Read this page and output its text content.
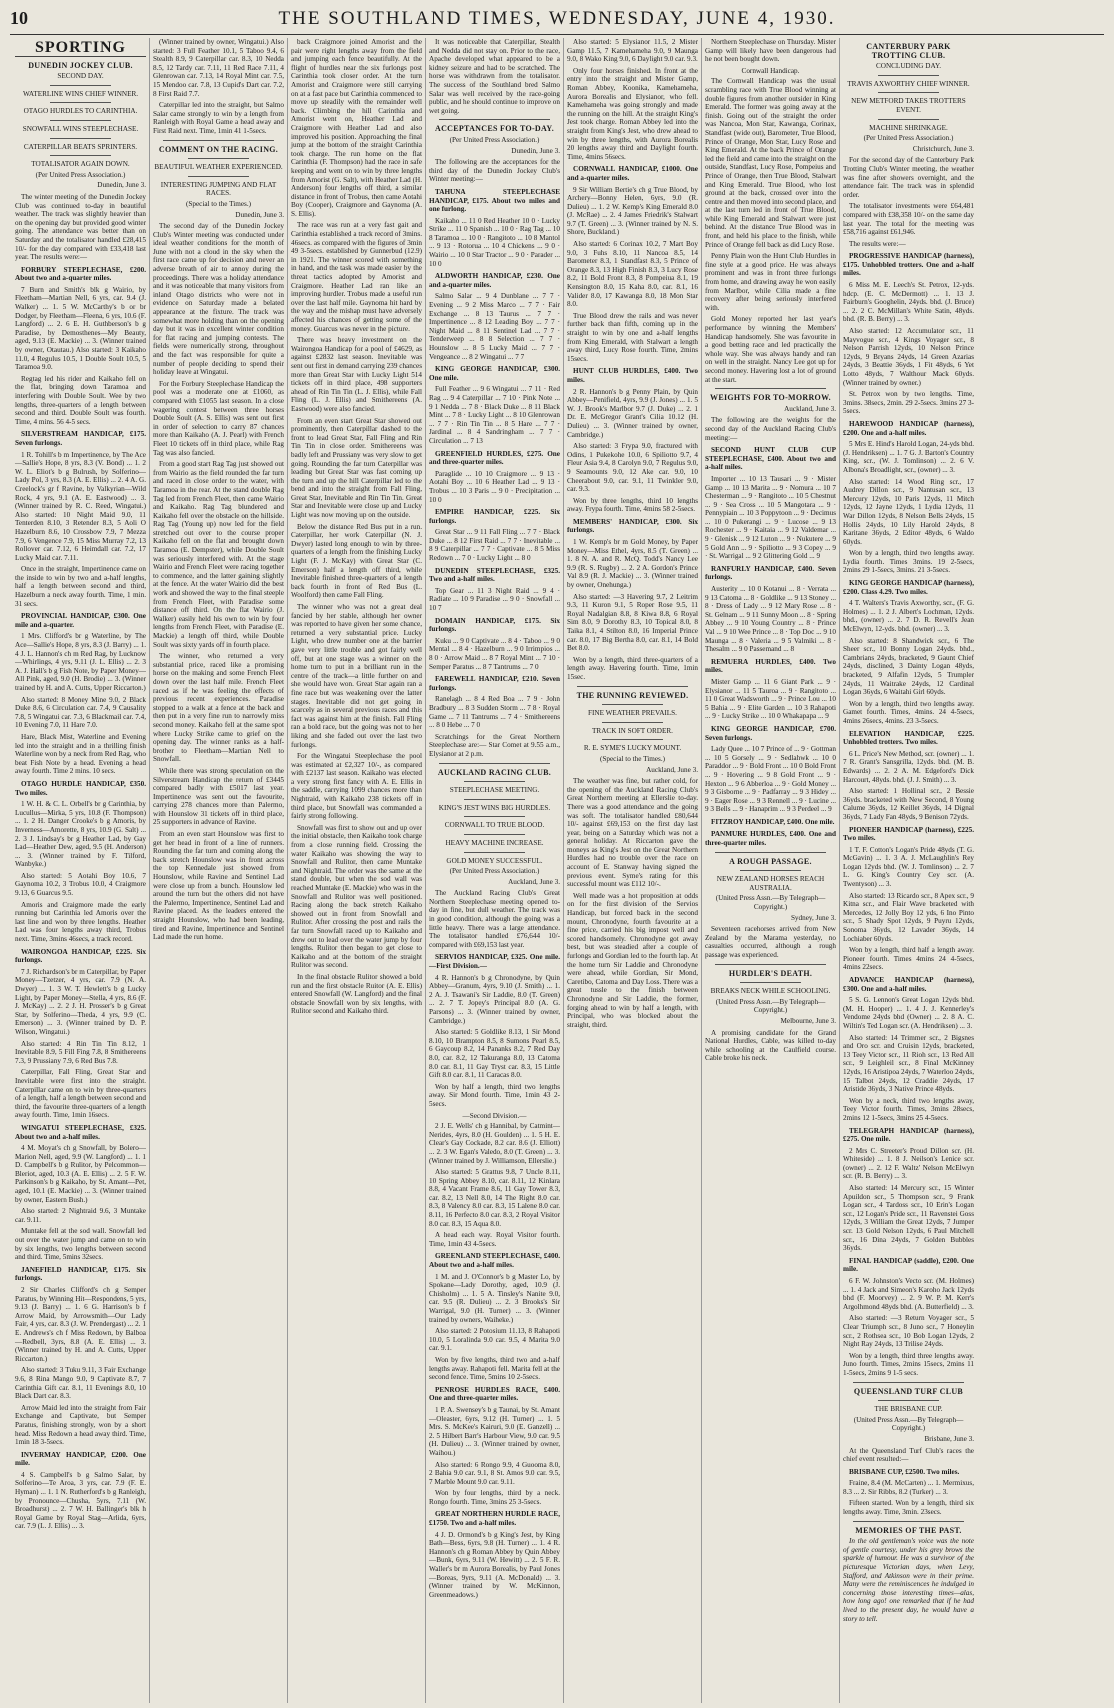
10	THE SOUTHLAND TIMES, WEDNESDAY, JUNE 4, 1930.
SPORTING
DUNEDIN JOCKEY CLUB.
SECOND DAY.
WATERLINE WINS CHIEF WINNER.
OTAGO HURDLES TO CARINTHIA.
SNOWFALL WINS STEEPLECHASE.
CATERPILLAR BEATS SPRINTERS.
TOTALISATOR AGAIN DOWN.
(Per United Press Association.)

Dunedin, June 3.

The winter meeting of the Dunedin Jockey Club was continued to-day in beautiful weather. The track was slightly heavier than on the opening day but provided good winter going. The attendance was better than on Saturday and the totalisator handled £28,415 10/- for the day compared with £33,418 last year. The results were:—

FORBURY STEEPLECHASE, £200. About two and a-quarter miles.

7 Burn and Smith's blk g Wairio, by Fleetham—Martian Nell, 6 yrs, car. 9.4 (J. Walker) ... 1. 5 W. McCarthy's b or br Dodger, by Fleetham—Fleena, 6 yrs, 10.6 (F. Langford) ... 2. 6 E. H. Guthberson's b g Paradise, by Demosthenes—My Beauty, aged, 9.13 (E. Mackie) ... 3. (Winner trained by owner, Otautau.) Also started: 3 Kaikaho 11.0, 4 Regulus 10.5, 1 Double Soult 10.5, 5 Taramoa 9.0.

Regtag led his rider and Kaikaho fell on the flat, bringing down Taramoa and interfering with Double Soult. Wee by two lengths, three-quarters of a length between second and third. Double Soult was fourth. Time, 4 mins. 56 4-5 secs.

SILVERSTREAM HANDICAP, £175. Seven furlongs.

1 R. Tohill's b m Impertinence, by The Ace—Sallie's Hope, 8 yrs, 8.3 (V. Bond) ... 1. 2 W. L. Eliot's b g Bulrush, by Solferino—Lady Pol, 3 yrs, 8.3 (A. E. Ellis) ... 2. 4 A. G. Creelock's gr f Ravine, by Valkyrian—Wild Rock, 4 yrs, 9.1 (A. E. Eastwood) ... 3. (Winner trained by R. C. Reed, Wingatui.) Also started: 10 Night Maid 9.0, 11 Tenterden 8.10, 3 Retender 8.3, 5 Aoli O Hazelburn 8.6, 10 Crossbow 7.9, 7 Mezza 7.9, 6 Vengence 7.9, 15 Miss Murray 7.2, 13 Rollover car. 7.12, 6 Heimdall car. 7.2, 17 Lucky Maid car. 7.11.

Once in the straight, Impertinence came on the inside to win by two and a-half lengths, half a length between second and third, Hazelburn a neck away fourth. Time, 1 min. 31 secs.

PROVINCIAL HANDICAP, £300. One mile and a-quarter.

1 Mrs. Clifford's br g Waterline, by The Ace—Sallie's Hope, 8 yrs, 8.3 (J. Barry) ... 1. 4 J. L. Hannon's ch m Red Rag, by Lucknow—Whirlings, 4 yrs, 9.11 (J. L. Ellis) ... 2. 3 A. J. Hall's b g Fish Note, by Paper Money—All Pink, aged, 9.0 (H. Brodie) ... 3. (Winner trained by H. and A. Cutts, Upper Riccarton.)

Also started: 8 Money Mine 9.0, 2 Black Duke 8.6, 6 Circulation car. 7.4, 9 Causality 7.8, 5 Wingatui car. 7.3, 6 Blackmail car. 7.4, 10 Evening 7.0, 11 Hare 7.0.

Hare, Black Mist, Waterline and Evening led into the straight and in a thrilling finish Waterline won by a neck from Red Rag, who beat Fish Note by a head. Evening a head away fourth. Time 2 mins. 10 secs.

OTAGO HURDLE HANDICAP, £350. Two miles.

1 W. H. & C. L. Orbell's br g Carinthia, by Lucullus—Mirka, 5 yrs, 10.8 (F. Thompson) ... 1. 2 H. Danger Crooke's b g Amoris, by Inverness—Amorette, 8 yrs, 10.9 (G. Salt) ... 2. 3 J. Lindsay's br g Heather Lad, by Gay Lad—Heather Dew, aged, 9.5 (H. Anderson) ... 3. (Winner trained by F. Tilford, Wanbyke.)

Also started: 5 Aotahi Boy 10.6, 7 Gaynoma 10.2, 3 Trobus 10.0, 4 Craigmore 9.13, 6 Guarcus 9.5.

Amoris and Craigmore made the early running but Carinthia led Amoris over the last line and won by three lengths. Heather Lad was four lengths away third, Trobus next. Time, 3mins 46secs, a track record.

WAIRONGOA HANDICAP, £225. Six furlongs.

7 J. Richardson's br m Caterpillar, by Paper Money—Tzetzer, 4 yrs, car. 7.9 (N. A. Dwyer) ... 1. 3 W. T. Hewlett's b g Lucky Light, by Paper Money—Stella, 4 yrs, 8.6 (F. J. McKay) ... 2. 2 J. H. Prosser's b g Great Star, by Solferino—Theda, 4 yrs, 9.9 (C. Emerson) ... 3. (Winner trained by D. P. Wilson, Wingatui.)

Also started: 4 Rin Tin Tin 8.12, 1 Inevitable 8.9, 5 Fill Fing 7.8, 8 Smithereens 7.3, 9 Prussiany 7.9, 6 Red Bus 7.8.

Caterpillar, Fall Fling, Great Star and Inevitable were first into the straight. Caterpillar came on to win by three-quarters of a length, half a length between second and third, the favourite three-quarters of a length away fourth. Time, 1min 16secs.

WINGATUI STEEPLECHASE, £325. About two and a-half miles.

4 M. Moyat's ch g Snowfall, by Bolero—Marion Nell, aged, 9.9 (W. Langford) ... 1. 1 D. Campbell's b g Rulitor, by Pelcommon—Bleriot, aged, 10.3 (A. E. Ellis) ... 2. 5 F. W. Parkinson's b g Kaikaho, by St. Amant—Pet, aged, 10.1 (E. Mackie) ... 3. (Winner trained by owner, Eastern Bush.)

Also started: 2 Nightraid 9.6, 3 Muntake car. 9.11.

Muntake fell at the sod wall. Snowfall led out over the water jump and came on to win by six lengths, two lengths between second and third. Time, 5mins 32secs.

JANEFIELD HANDICAP, £175. Six furlongs.

2 Sir Charles Clifford's ch g Semper Paratus, by Winning Hit—Respondens, 5 yrs, 9.13 (J. Barry) ... 1. 6 G. Harrison's b f Arrow Maid, by Arrowsmith—Our Lady Fair, 4 yrs, car. 8.3 (J. W. Prendergast) ... 2. 1 E. Andrews's ch f Miss Redown, by Balboa—Redbell, 3yrs, 8.8 (A. E. Ellis) ... 3. (Winner trained by H. and A. Cutts, Upper Riccarton.)

Also started: 3 Tuku 9.11, 3 Fair Exchange 9.6, 8 Rina Mango 9.0, 9 Captivate 8.7, 7 Carinthia Gift car. 8.1, 11 Evenings 8.0, 10 Black Dart car. 8.3.

Arrow Maid led into the straight from Fair Exchange and Captivate, but Semper Paratus, finishing strongly, won by a short head. Miss Redown a head away third. Time, 1min 18 3-5secs.

INVERMAY HANDICAP, £200. One mile.

4 S. Campbell's b g Salmo Salar, by Solferino—Te Aroa, 3 yrs, car. 7.9 (F. E. Hyman) ... 1. 1 N. Rutherford's b g Ranleigh, by Pronounce—Chusha, 5yrs, 7.11 (W. Broadhurst) ... 2. 7 W. H. Ballinger's blk h Royal Game by Royal Stag—Arlida, 6yrs, car. 7.9 (L. J. Ellis) ... 3.

(Winner trained by owner, Wingatui.) Also started: 3 Full Feather 10.1, 5 Taboo 9.4, 6 Stealth 8.9, 9 Caterpillar car. 8.3, 10 Nedda 8.5, 12 Tardy car. 7.11, 11 Red Race 7.11, 4 Glenrowan car. 7.13, 14 Royal Mint car. 7.5, 15 Mendoo car. 7.8, 13 Cupid's Dart car. 7.2, 8 First Raid 7.7.

Caterpillar led into the straight, but Salmo Salar came strongly to win by a length from Ranleigh with Royal Game a head away and First Raid next. Time, 1min 41 1-5secs.

COMMENT ON THE RACING.
BEAUTIFUL WEATHER EXPERIENCED.
INTERESTING JUMPING AND FLAT RACES.
(Special to the Times.)

Dunedin, June 3.

The second day of the Dunedin Jockey Club's Winter meeting was conducted under ideal weather conditions for the month of June with not a cloud in the sky when the first race came up for decision and never an adverse breath of air to annoy during the proceedings. There was a holiday attendance and it was noticeable that many visitors from inland Otago districts who were not in evidence on Saturday made a belated appearance at the fixture. The track was somewhat more holding than on the opening day but it was in excellent winter condition for flat racing and jumping contests. The fields were numerically strong, throughout and the fact was responsible for quite a number of people deciding to spend their holiday leave at Wingatui.

For the Forbury Steeplechase Handicap the pool was a moderate one at £1060, as compared with £1055 last season. In a close wagering contest between three horses Double Soult (A. S. Ellis) was sent out first in order of selection to carry 87 chances more than Kaikaho (A. J. Pearl) with French Fleet 10 tickets off in third place, while Rag Tag was also fancied.

From a good start Rag Tag just showed out from Wairio as the field rounded the far turn and raced in close order to the water, with Taramoa in the rear. At the stand double Rag Tag led from French Fleet, then came Wairio and Kaikaho. Rag Tag blundered and Kaikaho fell over the obstacle on the hillside. Rag Tag (Young up) now led for the field stretched out over to the course proper Kaikaho fell on the flat and brought down Taramoa (E. Dempster), while Double Soult was seriously interfered with. At the stage Wairio and French Fleet were racing together to commence, and the latter gaining slightly at the fence. At the water Wairio did the best work and showed the way to the final steeple from French Fleet, with Paradise some distance off third. On the flat Wairio (J. Walker) easily held his own to win by four lengths from French Fleet, with Paradise (E. Mackie) a length off third, while Double Soult was sixty yards off in fourth place.

The winner, who returned a very substantial price, raced like a promising horse on the making and some French Fleet down over the last half mile. French Fleet raced as if he was feeling the effects of previous recent experiences. Paradise stopped to a walk at a fence at the back and then put in a very fine run to narrowly miss second money. Kaikaho fell at the same spot where Lucky Strike came to grief on the opening day. The winner ranks as a half-brother to Fleetham—Martian Nell to Snowfall.

While there was strong speculation on the Silverstream Handicap the return of £3445 compared badly with £5017 last year. Impertinence was sent out the favourite, carrying 278 chances more than Palermo, with Hounslow 31 tickets off in third place, 25 supporters in advance of Ravine.

From an even start Hounslow was first to get her head in front of a line of runners. Rounding the far turn and coming along the back stretch Hounslow was in front across the top Kennedale just showed from Hounslow, while Ravine and Sentinel Lad were close up from a bunch. Hounslow led around the turn but the others did not have the Palermo, Impertinence, Sentinel Lad and Ravine placed. As the leaders entered the straight Hounslow, who had been leading, tired and Ravine, Impertinence and Sentinel Lad made the run home.

back Craigmore joined Amorist and the pair were right lengths away from the field and jumping each fence beautifully. At the flight of hurdles near the six furlongs post Carinthia took closer order. At the turn Amorist and Craigmore were still carrying on at a fast pace but Carinthia commenced to move up steadily with the remainder well back. Climbing the hill Carinthia and Amorist went on, Heather Lad and Craigmore with Heather Lad and also improved his position. Approaching the final jump at the bottom of the straight Carinthia took charge. The run home on the flat Carinthia (F. Thompson) had the race in safe keeping and went on to win by three lengths from Amorist (G. Salt), with Heather Lad (H. Anderson) four lengths off third, a similar distance in front of Trobus, then came Aotahi Boy (Cooper), Craigmore and Gaynoma (A. S. Ellis).

The race was run at a very fast gait and Carinthia established a track record of 3mins. 46secs. as compared with the figures of 3min 49 3-5secs. established by Gunnerbud (12.9) in 1921. The winner scored with something in hand, and the task was made easier by the threat tactics adopted by Amorist and Craigmore. Heather Lad ran like an improving hurdler. Trobus made a useful run over the last half mile. Gaynoma hit hard by the way and the mishap must have adversely affected his chances of getting some of the money. Guarcus was never in the picture.

There was heavy investment on the Wairongoa Handicap for a pool of £4629, as against £2832 last season. Inevitable was sent out first in demand carrying 239 chances more than Great Star with Lucky Light 514 tickets off in third place, 498 supporters ahead of Rin Tin Tin (L. J. Ellis), while Fall Fling (L. J. Ellis) and Smithereens (A. Eastwood) were also fancied.

From an even start Great Star showed out prominently, then Caterpillar dashed to the front to lead Great Star, Fall Fling and Rin Tin Tin in close order. Smithereens was badly left and Prussiany was very slow to get going. Rounding the far turn Caterpillar was leading but Great Star was fast coming up the turn and up the hill Caterpillar led to the bend and into the straight from Fall Fling, Great Star, Inevitable and Rin Tin Tin. Great Star and Inevitable were close up and Lucky Light was now moving up on the outside.

Below the distance Red Bus put in a run. Caterpillar, her work Caterpillar (N. J. Dwyer) lasted long enough to win by three-quarters of a length from the finishing Lucky Light (F. J. McKay) with Great Star (C. Emerson) half a length off third, while Inevitable finished three-quarters of a length back fourth in front of Red Bus (L. Woolford) then came Fall Fling.

The winner who was not a great deal fancied by her stable, although her owner was reported to have given her some chance, returned a very substantial price. Lucky Light, who drew number one at the barrier gave very little trouble and got fairly well off, but at one stage was a winner on the home turn to put in a brilliant run in the centre of the track—a little further on and she would have won. Great Star again ran a fine race but was weakening over the latter stages. Inevitable did not get going in scarcely as in several previous races and this fact was against him at the finish. Fall Fling ran a bold race, but the going was not to her liking and she faded out over the last two furlongs.

For the Wingatui Steeplechase the pool was estimated at £2,327 10/-, as compared with £2137 last season. Kaikaho was elected a very strong first fancy with A. E. Ellis in the saddle, carrying 1099 chances more than Nightraid, with Kaikaho 238 tickets off in third place, but Snowfall was commanded a fairly strong following.

Snowfall was first to show out and up over the initial obstacle, then Kaikaho took charge from a close running field. Crossing the water Kaikaho was showing the way to Snowfall and Rulitor, then came Muntake and Nightraid. The order was the same at the stand double, but when the sod wall was reached Muntake (E. Mackie) who was in the Snowfall and Rulitor was well positioned. Racing along the back stretch Kaikaho showed out in front from Snowfall and Rulitor. After crossing the post and rails the far turn Snowfall raced up to Kaikaho and drew out to lead over the water jump by four lengths. Rulitor then began to get close to Kaikaho and at the bottom of the straight Rulitor was second.

In the final obstacle Rulitor showed a bold run and the first obstacle Ruitor (A. E. Ellis) entered Snowfall (W. Langford) and the final obstacle Snowfall won by six lengths, with Rulitor second and Kaikaho third.

It was noticeable that Caterpillar, Stealth and Nedda did not stay on. Prior to the race, Apache developed what appeared to be a kidney seizure and had to be scratched. The horse was withdrawn from the totalisator. The success of the Southland bred Salmo Salar was well received by the race-going public, and he should continue to improve on wet going.

ACCEPTANCES FOR TO-DAY.
(Per United Press Association.)

Dunedin, June 3.

The following are the acceptances for the third day of the Dunedin Jockey Club's Winter meeting:—

TAHUNA STEEPLECHASE HANDICAP, £175. About two miles and one furlong.

Kaikaho ... 11 0 Red Heather 10 0 · Lucky Strike ... 11 0 Spanish ... 10 0 · Rag Tag ... 10 8 Taramoa ... 10 0 · Rangitoto ... 10 8 Mantol ... 9 13 · Rotorua ... 10 4 Chickens ... 9 0 · Wairio ... 10 0 Star Tractor ... 9 0 · Parader ... 10 0

ALDWORTH HANDICAP, £230. One and a-quarter miles.

Salmo Salar ... 9 4 Dunblane ... 7 7 · Evening ... 9 2 Miss Marco ... 7 7 · Fair Exchange ... 8 13 Taurus ... 7 7 · Impertinence ... 8 12 Leading Boy ... 7 7 · Night Maid ... 8 11 Sentinel Lad ... 7 7 · Tenderweep ... 8 8 Selection ... 7 7 · Hounslow ... 8 5 Lucky Maid ... 7 7 · Vengeance ... 8 2 Wingatui ... 7 7

KING GEORGE HANDICAP, £300. One mile.

Full Feather ... 9 6 Wingatui ... 7 11 · Red Rag ... 9 4 Caterpillar ... 7 10 · Pink Note ... 9 1 Nedda ... 7 8 · Black Duke ... 8 11 Black Mint ... 7 8 · Lucky Light ... 8 10 Glenrowan ... 7 7 · Rin Tin Tin ... 8 5 Hare ... 7 7 · Jardinal ... 8 4 Sandringham ... 7 7 · Circulation ... 7 13

GREENFIELD HURDLES, £275. One and three-quarter miles.

Paraglide ... 10 10 Craigmore ... 9 13 · Aotahi Boy ... 10 6 Heather Lad ... 9 13 · Trobus ... 10 3 Paris ... 9 0 · Precipitation ... 10 0

EMPIRE HANDICAP, £225. Six furlongs.

Great Star ... 9 11 Fall Fling ... 7 7 · Black Duke ... 8 12 First Raid ... 7 7 · Inevitable ... 8 9 Caterpillar ... 7 7 · Captivate ... 8 5 Miss Redown ... 7 0 · Lucky Light ... 8 0

DUNEDIN STEEPLECHASE, £325. Two and a-half miles.

Top Gear ... 11 3 Night Raid ... 9 4 · Radiate ... 10 9 Paradise ... 9 0 · Snowfall ... 10 7

DOMAIN HANDICAP, £175. Six furlongs.

Kuku ... 9 0 Captivate ... 8 4 · Taboo ... 9 0 Mental ... 8 4 · Hazelburn ... 9 0 Irrimpios ... 8 0 · Arrow Maid ... 8 7 Royal Mint ... 7 10 · Semper Paratus ... 8 7 Tantrums ... 7 0

FAREWELL HANDICAP, £210. Seven furlongs.

Ranelagh ... 8 4 Red Boa ... 7 9 · John Bradbury ... 8 3 Sudden Storm ... 7 8 · Royal Game ... 7 11 Tantrums ... 7 4 · Smithereens ... 8 0 Hebe ... 7 0

Scratchings for the Great Northern Steeplechase are:— Star Comet at 9.55 a.m., Elysianor at 2 p.m.

AUCKLAND RACING CLUB.
STEEPLECHASE MEETING.
KING'S JEST WINS BIG HURDLES.
CORNWALL TO TRUE BLOOD.
HEAVY MACHINE INCREASE.
GOLD MONEY SUCCESSFUL.
(Per United Press Association.)

Auckland, June 3.

The Auckland Racing Club's Great Northern Steeplechase meeting opened to-day in fine, but dull weather. The track was in good condition, although the going was a little heavy. There was a large attendance. The totalisator handled £76,644 10/- compared with £69,153 last year.

SERVIOS HANDICAP, £325. One mile. —First Division.—

4 R. Hannon's b g Chronodyne, by Quin Abbey—Granum, 4yrs, 9.10 (J. Smith) ... 1. 2 A. J. Tsawani's Sir Laddie, 8.0 (T. Green) ... 2. 7 T. Jopey's Principal 8.0 (A. G. Parsons) ... 3. (Winner trained by owner, Cambridge.)

Also started: 5 Goldlike 8.13, 1 Sir Mond 8.10, 10 Brampton 8.5, 8 Sumons Pearl 8.5, 6 Gaycoup 8.2, 14 Pananks 8.2, 7 Red Day 8.0, car. 8.2, 12 Takuranga 8.0, 13 Catoma 8.0 car. 8.1, 11 Gay Tryst car. 8.3, 15 Little Gift 8.0 car. 8.1, 11 Caracas 8.0.

Won by half a length, third two lengths away. Sir Mond fourth. Time, 1min 43 2-5secs.

—Second Division.—

2 J. E. Wells' ch g Hannibal, by Catmint—Nerides, 4yrs, 8.0 (H. Goulden) ... 1. 5 H. E. Clear's Gay Cockade, 8.2 car. 8.6 (J. Elliott) ... 2. 3 W. Egan's Valedo, 8.0 (T. Green) ... 3. (Winner trained by J. Williamson, Ellerslie.)

Also started: 5 Grattus 9.8, 7 Uncle 8.11, 10 Spring Abbey 8.10, car. 8.11, 12 Kinlara 8.8, 4 Vacant Frame 8.6, 11 Gay Tower 8.3, car. 8.2, 13 Nell 8.0, 14 The Right 8.0 car. 8.3, 8 Valency 8.0 car. 8.3, 15 Lalene 8.0 car. 8.11, 16 Perfecto 8.0 car. 8.3, 2 Royal Visitor 8.0 car. 8.3, 15 Aqua 8.0.

A head each way. Royal Visitor fourth. Time, 1min 43 4-5secs.

GREENLAND STEEPLECHASE, £400. About two and a-half miles.

1 M. and J. O'Connor's b g Master Lo, by Spokane—Lady Dorothy, aged, 10.9 (J. Chisholm) ... 1. 5 A. Tinsley's Nanite 9.0, car. 9.5 (R. Dulieu) ... 2. 3 Brooks's Sir Warrigal, 9.0 (H. Turner) ... 3. (Winner trained by owners, Waiheke.)

Also started: 2 Potosium 11.13, 8 Rahapoti 10.0, 5 Loralinda 9.0 car. 9.5, 4 Marita 9.0 car. 9.1.

Won by five lengths, third two and a-half lengths away. Rahapoti fell. Marita fell at the second fence. Time, 5mins 10 2-5secs.

PENROSE HURDLES RACE, £400. One and three-quarter miles.

1 P. A. Swensey's b g Taunai, by St. Amant—Oleaster, 6yrs, 9.12 (H. Turner) ... 1. 5 Mrs. S. McKee's Kairuri, 9.0 (E. Ganzell) ... 2. 5 Hilbert Barr's Harbour View, 9.0 car. 9.5 (H. Dulieu) ... 3. (Winner trained by owner, Waihou.)

Also started: 6 Rongo 9.9, 4 Guooma 8.0, 2 Bahia 9.0 car. 9.1, 8 St. Amos 9.0 car. 9.5, 7 Marble Mount 9.0 car. 9.11.

Won by four lengths, third by a neck. Rongo fourth. Time, 3mins 25 3-5secs.

GREAT NORTHERN HURDLE RACE, £1750. Two and a-half miles.

4 J. D. Ormond's b g King's Jest, by King Bath—Bess, 6yrs, 9.8 (H. Turner) ... 1. 4 R. Hannon's ch g Roman Abbey by Quin Abbey—Bunk, 6yrs, 9.11 (W. Hewitt) ... 2. 5 F. R. Waller's br m Aurora Borealis, by Paul Jones—Boreas, 9yrs, 9.11 (A. McDonald) ... 3. (Winner trained by W. McKinnon, Greenmeadows.)

Also started: 5 Elysianor 11.5, 2 Mister Gamp 11.5, 7 Kamehameha 9.0, 9 Maunga 9.0, 8 Wako King 9.0, 6 Daylight 9.0 car. 9.3.

Only four horses finished. In front at the entry into the straight and Mister Gamp, Roman Abbey, Koonika, Kamehameha, Aurora Borealis and Elysianor, who fell. Kamehameha was going strongly and made the running on the hill. At the straight King's Jest took charge. Roman Abbey led into the straight from King's Jest, who drew ahead to win by three lengths, with Aurora Borealis 20 lengths away third and Daylight fourth. Time, 4mins 56secs.

CORNWALL HANDICAP, £1000. One and a-quarter miles.

9 Sir William Bertie's ch g True Blood, by Archery—Bonny Helen, 6yrs, 9.0 (R. Dulieu) ... 1. 2 W. Kemp's King Emerald 8.0 (J. McRae) ... 2. 4 James Friedrik's Stalwart 9.7 (T. Green) ... 3. (Winner trained by N. S. Shore, Buckland.)

Also started: 6 Corinax 10.2, 7 Mart Boy 9.0, 3 Fuhs 8.10, 11 Nancoa 8.5, 14 Barometer 8.3, 1 Standfast 8.3, 5 Prince of Orange 8.3, 13 High Finish 8.3, 3 Lucy Rose 8.2, 11 Bold Front 8.3, 8 Pompeiua 8.1, 19 Kensington 8.0, 15 Kaha 8.0, car. 8.1, 16 Valider 8.0, 17 Kawanga 8.0, 18 Mon Star 8.0.

True Blood drew the rails and was never further back than fifth, coming up in the straight to win by one and a-half lengths from King Emerald, with Stalwart a length away third, Lucy Rose fourth. Time, 2mins 15secs.

HUNT CLUB HURDLES, £400. Two miles.

2 R. Hannon's b g Penny Plain, by Quin Abbey—Penifield, 4yrs, 9.9 (J. Jones) ... 1. 5 W. J. Brook's Marlbor 9.7 (J. Duke) ... 2. 1 Dr. E. McGregor Grant's Cilia 10.12 (H. Dulieu) ... 3. (Winner trained by owner, Cambridge.)

Also started: 3 Frypa 9.0, fractured with Odins, 1 Pukekohe 10.0, 6 Spiliotto 9.7, 4 Fleur Asia 9.4, 8 Carolyn 9.0, 7 Regulus 9.0, 9 Seamounts 9.0, 12 Ake car. 9.0, 10 Cheerabout 9.0, car. 9.1, 11 Twinkler 9.0, car. 9.3.

Won by three lengths, third 10 lengths away. Frypa fourth. Time, 4mins 58 2-5secs.

MEMBERS' HANDICAP, £300. Six furlongs.

1 W. Kemp's br m Gold Money, by Paper Money—Miss Ethel, 4yrs, 8.5 (T. Green) ... 1. 8 N. A. and R. McQ. Todd's Nancy Lee 9.9 (R. S. Rugby) ... 2. 2 A. Gordon's Prince Val 8.9 (R. J. Mackie) ... 3. (Winner trained by owner, Onehunga.)

Also started: —3 Havering 9.7, 2 Leitrim 9.3, 11 Kuron 9.1, 5 Roper Rose 9.5, 11 Royal Nadalgian 8.8, 8 Kiwa 8.8, 6 Royal Sim 8.0, 9 Dorothy 8.3, 10 Topical 8.0, 8 Taika 8.1, 4 Stilton 8.0, 16 Imperial Prince car. 8.0, 17 Big Bertha 8.0, car. 8.1, 14 Bold Bet 8.0.

Won by a length, third three-quarters of a length away. Havering fourth. Time, 1min 15sec.

THE RUNNING REVIEWED.
FINE WEATHER PREVAILS.
TRACK IN SOFT ORDER.
R. E. SYME'S LUCKY MOUNT.
(Special to the Times.)

Auckland, June 3.

The weather was fine, but rather cold, for the opening of the Auckland Racing Club's Great Northern meeting at Ellerslie to-day. There was a good attendance and the going was soft. The totalisator handled £80,644 10/- against £69,153 on the first day last year, being on a Saturday which was not a general holiday. At Riccarton gave the moneys as King's Jest on the Great Northern Hurdles had no trouble over the race on account of E. Stanway having signed the previous event. Syme's rating for this successful mount was £112 10/-.

Well made was a hot proposition at odds on for the first division of the Servios Handicap, but forced back in the second mount, Chronodyne, fourth favourite at a fine price, carried his big impost well and scored handsomely. Chronodyne got away best, but was steadied after a couple of furlongs and Gordian led to the fourth lap. At the home turn Sir Laddie and Chronodyne were ahead, while Gordian, Sir Mond, Caretibo, Catoma and Day Loss. There was a great tussle to the finish between Chronodyne and Sir Laddie, the former, forging ahead to win by half a length, with Principal, who was blocked about the straight, third.

Northern Steeplechase on Thursday. Mister Gamp will likely have been dangerous had he not been bought down.

Cornwall Handicap.

The Cornwall Handicap was the usual scrambling race with True Blood winning at double figures from another outsider in King Emerald. The former was going away at the finish. Going out of the straight the order was Nancoa, Mon Star, Kawanga, Corinax, Standfast (wide out), Barometer, True Blood, Prince of Orange, Mon Star, Lucy Rose and King Emerald. At the back Prince of Orange led the field and came into the straight on the outside, Standfast, Lucy Rose, Pompeius and Prince of Orange, then True Blood, Stalwart and King Emerald. True Blood, who lost ground at the back, crossed over into the centre and then moved into second place, and at the last turn led in front of True Blood, while King Emerald and Stalwart were just behind. At the distance True Blood was in front, and held his place to the finish, while Prince of Orange fell back as did Lucy Rose.

Penny Plain won the Hunt Club Hurdles in fine style at a good price. He was always prominent and was in front three furlongs from home, and drawing away he won easily from Marlbor, while Cilia made a fine recovery after being seriously interfered with.

Gold Money reported her last year's performance by winning the Members' Handicap handsomely. She was favourite in a good betting race and led practically the whole way. She was always handy and ran on well in the straight. Nancy Lee got up for second money. Havering lost a lot of ground at the start.

WEIGHTS FOR TO-MORROW.

Auckland, June 3.

The following are the weights for the second day of the Auckland Racing Club's meeting:—

SECOND HUNT CLUB CUP STEEPLECHASE, £400. About two and a-half miles.

Importer ... 10 13 Tausari ... 9 · Mister Gamp ... 10 13 Marita ... 9 · Nomura ... 10 7 Chesterman ... 9 · Rangitoto ... 10 5 Chestnut ... 9 · Sea Cross ... 10 5 Mangotara ... 9 · Pennypiain ... 10 3 Poppytoon ... 9 · Decimus ... 10 0 Pukerangi ... 9 · Lucose ... 9 13 Rochester ... 9 · Kaitaia ... 9 12 Valdemar ... 9 · Glenisk ... 9 12 Luton ... 9 · Nukutere ... 9 5 Gold Ann ... 9 · Spiliotto ... 9 3 Copey ... 9 · St. Warrigal ... 9 2 Glittering Gold ... 9

RANFURLY HANDICAP, £400. Seven furlongs.

Austerity ... 10 0 Kotanui ... 8 · Verrata ... 9 13 Catoma ... 8 · Goldlike ... 9 13 Stoney ... 8 · Dress of Lady ... 9 12 Mary Rose ... 8 · St. Gelnam ... 9 11 Sunny Moon ... 8 · Spring Abbey ... 9 10 Young Country ... 8 · Prince Val ... 9 10 Wee Prince ... 8 · Top Doc ... 9 10 Maunga ... 8 · Valeria ... 9 5 Valmiki ... 8 · Thesalm ... 9 0 Passemand ... 8

REMUERA HURDLES, £400. Two miles.

Mister Gamp ... 11 6 Giant Park ... 9 · Elysianor ... 11 5 Tauroa ... 9 · Rangitoto ... 11 0 Great Wadsworth ... 9 · Prince Lou ... 10 5 Bahia ... 9 · Elite Garden ... 10 3 Rahapoti ... 9 · Lucky Strike ... 10 0 Whakapapa ... 9

KING GEORGE HANDICAP, £700. Seven furlongs.

Lady Quee ... 10 7 Prince of ... 9 · Gottman ... 10 5 Gorsely ... 9 · Sedlahwk ... 10 0 Paraddor ... 9 · Bold Front ... 10 0 Bold Front ... 9 · Hovering ... 9 8 Gold Front ... 9 · Hexton ... 9 6 Abberloa ... 9 · Gold Money ... 9 3 Gisborne ... 9 · Padfarray ... 9 3 Hidey ... 9 · Eager Rose ... 9 3 Rennell ... 9 · Lucine ... 9 3 Bells ... 9 · Hanaprim ... 9 3 Perdeel ... 9

FITZROY HANDICAP, £400. One mile.

PANMURE HURDLES, £400. One and three-quarter miles.

A ROUGH PASSAGE.
NEW ZEALAND HORSES REACH AUSTRALIA.
(United Press Assn.—By Telegraph—Copyright.)

Sydney, June 3.

Seventeen racehorses arrived from New Zealand by the Marama yesterday, no casualties occurred, although a rough passage was experienced.

HURDLER'S DEATH.
BREAKS NECK WHILE SCHOOLING.
(United Press Assn.—By Telegraph—Copyright.)

Melbourne, June 3.

A promising candidate for the Grand National Hurdles, Cable, was killed to-day while schooling at the Caulfield course. Cable broke his neck.

CANTERBURY PARK TROTTING CLUB.
CONCLUDING DAY.
TRAVIS AXWORTHY CHIEF WINNER.
NEW METFORD TAKES TROTTERS EVENT.
MACHINE SHRINKAGE.
(Per United Press Association.)

Christchurch, June 3.

For the second day of the Canterbury Park Trotting Club's Winter meeting, the weather was fine after showers overnight, and the attendance fair. The track was in splendid order.

The totalisator investments were £64,481 compared with £38,358 10/- on the same day last year. The total for the meeting was £58,716 against £61,946.

The results were:—

PROGRESSIVE HANDICAP (harness), £175. Unhobbled trotters. One and a-half miles.

6 Miss M. E. Leech's St. Petrox, 12-yds. hdcp. (E. C. McDermott) ... 1. 13 J. Fairburn's Googhelin, 24yds. bhd. (J. Bruce) ... 2. 2 C. McMillan's White Satin, 48yds. bhd. (R. B. Berry) ... 3.

Also started: 12 Accumulator scr., 11 Mayvogue scr., 4 Kings Voyager scr., 8 Nelson Parrish 12yds, 10 Nelson Prince 12yds, 9 Bryans 24yds, 14 Green Azarias 24yds, 3 Beattie 36yds, 1 Fit 48yds, 6 Yet Lotto 48yds, 7 Walthour Mack 60yds. (Winner trained by owner.)

St. Petrox won by two lengths. Time, 3mins. 38secs, 2min. 29 2-5secs. 3mins 27 3-5secs.

HAREWOOD HANDICAP (harness), £200. One and a-half miles.

5 Mrs E. Hind's Harold Logan, 24-yds bhd. (J. Hendriksen) ... 1. 7 G. J. Barton's Country King, scr., (W. J. Tomlinson) ... 2. 6 V. Albona's Broadlight, scr., (owner) ... 3.

Also started: 14 Wood Ring scr., 17 Audrey Dillon scr., 9 Nantusan scr., 13 Mercury 12yds, 10 Paris 12yds, 11 Mitch 12yds, 12 Jayne 12yds, 1 Lydia 12yds, 11 War Dillon 12yds, 8 Nelson Bells 24yds, 15 Hollis 24yds, 10 Lily Harold 24yds, 8 Karitane 36yds, 2 Editor 48yds, 6 Waldo 60yds.

Won by a length, third two lengths away. Lydia fourth. Times 3mins. 19 2-5secs, 2mins 29 1-5secs, 3mins. 21 3-5secs.

KING GEORGE HANDICAP (harness), £200. Class 4.29. Two miles.

4 T. Walters's Travis Axworthy, scr., (F. G. Holmes) ... 1. 2 J. Albert's Lochman, 12yds. bhd., (owner) ... 2. 7 D. R. Revell's Jean McElwyn, 12-yds. bhd. (owner) ... 3.

Also started: 8 Shandwick scr., 6 The Sheer scr., 10 Bonny Logan 24yds. bhd., Cambrians 24yds, bracketed, 9 Gaunt Chief 24yds, disclined, 3 Dainty Logan 48yds, bracketed, 9 Alfafin 12yds, 5 Trumpler 24yds, 11 Waitrake 24yds, 12 Cardinal Logan 36yds, 6 Waitahi Girl 60yds.

Won by a length, third two lengths away. Gamet fourth. Times, 4mins. 24 4-5secs, 4mins 26secs, 4mins. 23 3-5secs.

ELEVATION HANDICAP, £225. Unhobbled trotters. Two miles.

6 L. Price's New Method, scr. (owner) ... 1. 7 R. Grant's Sansgrilla, 12yds. bhd. (M. B. Edwards) ... 2. 2 A. M. Edgeford's Dick Harcourt, 48yds. bhd. (J. J. Smith) ... 3.

Also started: 1 Hollinal scr., 2 Bessie 36yds. bracketed with New Second, 8 Young Calume 36yds, 12 Keillet 36yds, 14 Dignal 36yds, 7 Lady Fan 48yds, 9 Benison 72yds.

PIONEER HANDICAP (harness), £225. Two miles.

1 T. F. Cotton's Logan's Pride 48yds (T. G. McGavin) ... 1. 3 A. J. McLaughlin's Rey Logan 12yds bhd. (W. J. Tomlinson) ... 2. 7 L. G. King's Country Cey scr. (A. Twentyson) ... 3.

Also started: 13 Ricardo scr., 8 Apex scr., 9 Kitna scr., and Flair Wave bracketed with Mercedes, 12 Jolly Boy 12 yds, 6 Ino Pinto scr., 5 Shady Spot 12yds, 9 Puyru 12yds, Sonoma 36yds, 12 Lavader 36yds, 14 Lochiaber 60yds.

Won by a length, third half a length away. Pioneer fourth. Times 4mins 24 4-5secs, 4mins 22secs.

ADVANCE HANDICAP (harness), £300. One and a-half miles.

5 S. G. Lennon's Great Logan 12yds bhd. (M. H. Hooper) ... 1. 4 J. J. Kennerley's Vendome 24yds bhd (Owner) ... 2. 8 A. C. Wiltin's Ted Logan scr. (A. Hendriksen) ... 3.

Also started: 14 Trimmer scr., 2 Bigsnes and Oro scr. and Cruisin 12yds, bracketed, 13 Teey Victor scr., 11 Rioh scr., 13 Red All scr., 9 Leighleil scr., 8 Final McKinney 12yds, 16 Aristipoa 24yds, 7 Waterloo 24yds, 15 Talbot 24yds, 12 Craddie 24yds, 17 Aristide 36yds, 3 Native Prince 48yds.

Won by a neck, third two lengths away, Teey Victor fourth. Times, 3mins 28secs, 2mins 12 1-5secs, 3mins 25 4-5secs.

TELEGRAPH HANDICAP (harness), £275. One mile.

2 Mrs C. Streeter's Proud Dillon scr. (H. Whiteside) ... 1. 8 J. Neilson's Lenice scr. (owner) ... 2. 12 F. Waltz' Nelson McElwyn scr. (R. B. Berry) ... 3.

Also started: 14 Mercury scr., 15 Winter Apuildon scr., 5 Thompson scr., 9 Frank Logan scr., 4 Tardoss scr., 10 Erin's Logan scr., 12 Logan's Pride scr., 11 Ravenstei Goss 12yds, 3 William the Great 12yds, 7 Jumper scr. 13 Gold Nelson 12yds, 6 Paul Mitchell scr., 16 Dina 24yds, 7 Golden Bubbles 36yds.

FINAL HANDICAP (saddle), £200. One mile.

6 F. W. Johnston's Vecto scr. (M. Holmes) ... 1. 4 Jack and Simeon's Karoho Jack 12yds bhd (F. Moorvey) ... 2. 9 W. P. M. Kerr's Argolhmond 48yds bhd. (A. Butterfield) ... 3.

Also started: —3 Return Voyager scr., 5 Clear Triumph scr., 8 Juno scr., 7 Honeylin scr., 2 Rothsea scr., 10 Bob Logan 12yds, 2 Night Ray 24yds, 13 Trilise 24yds.

Won by a length, third three lengths away. Juno fourth. Times, 2mins 15secs, 2mins 11 1-5secs, 2mins 9 1-5 secs.

QUEENSLAND TURF CLUB
THE BRISBANE CUP.
(United Press Assn.—By Telegraph—Copyright.)

Brisbane, June 3.

At the Queensland Turf Club's races the chief event resulted:—

BRISBANE CUP, £2500. Two miles.

Fraine, 8.4 (M. McCarten) ... 1. Mermixus, 8.3 ... 2. Sir Ribbs, 8.2 (Turker) ... 3.

Fifteen started. Won by a length, third six lengths away. Time, 3min. 23secs.

MEMORIES OF THE PAST.

In the old gentleman's voice was the note of gentle courtesy, under his grey brows the sparkle of humour. He was a survivor of the picturesque Victorian days, when Levy, Stafford, and Atkinson were in their prime. Many were the reminiscences he indulged in concerning those interesting times—alas, how long ago! one remarked that if he had lived to the present day, he would have a story to tell.
